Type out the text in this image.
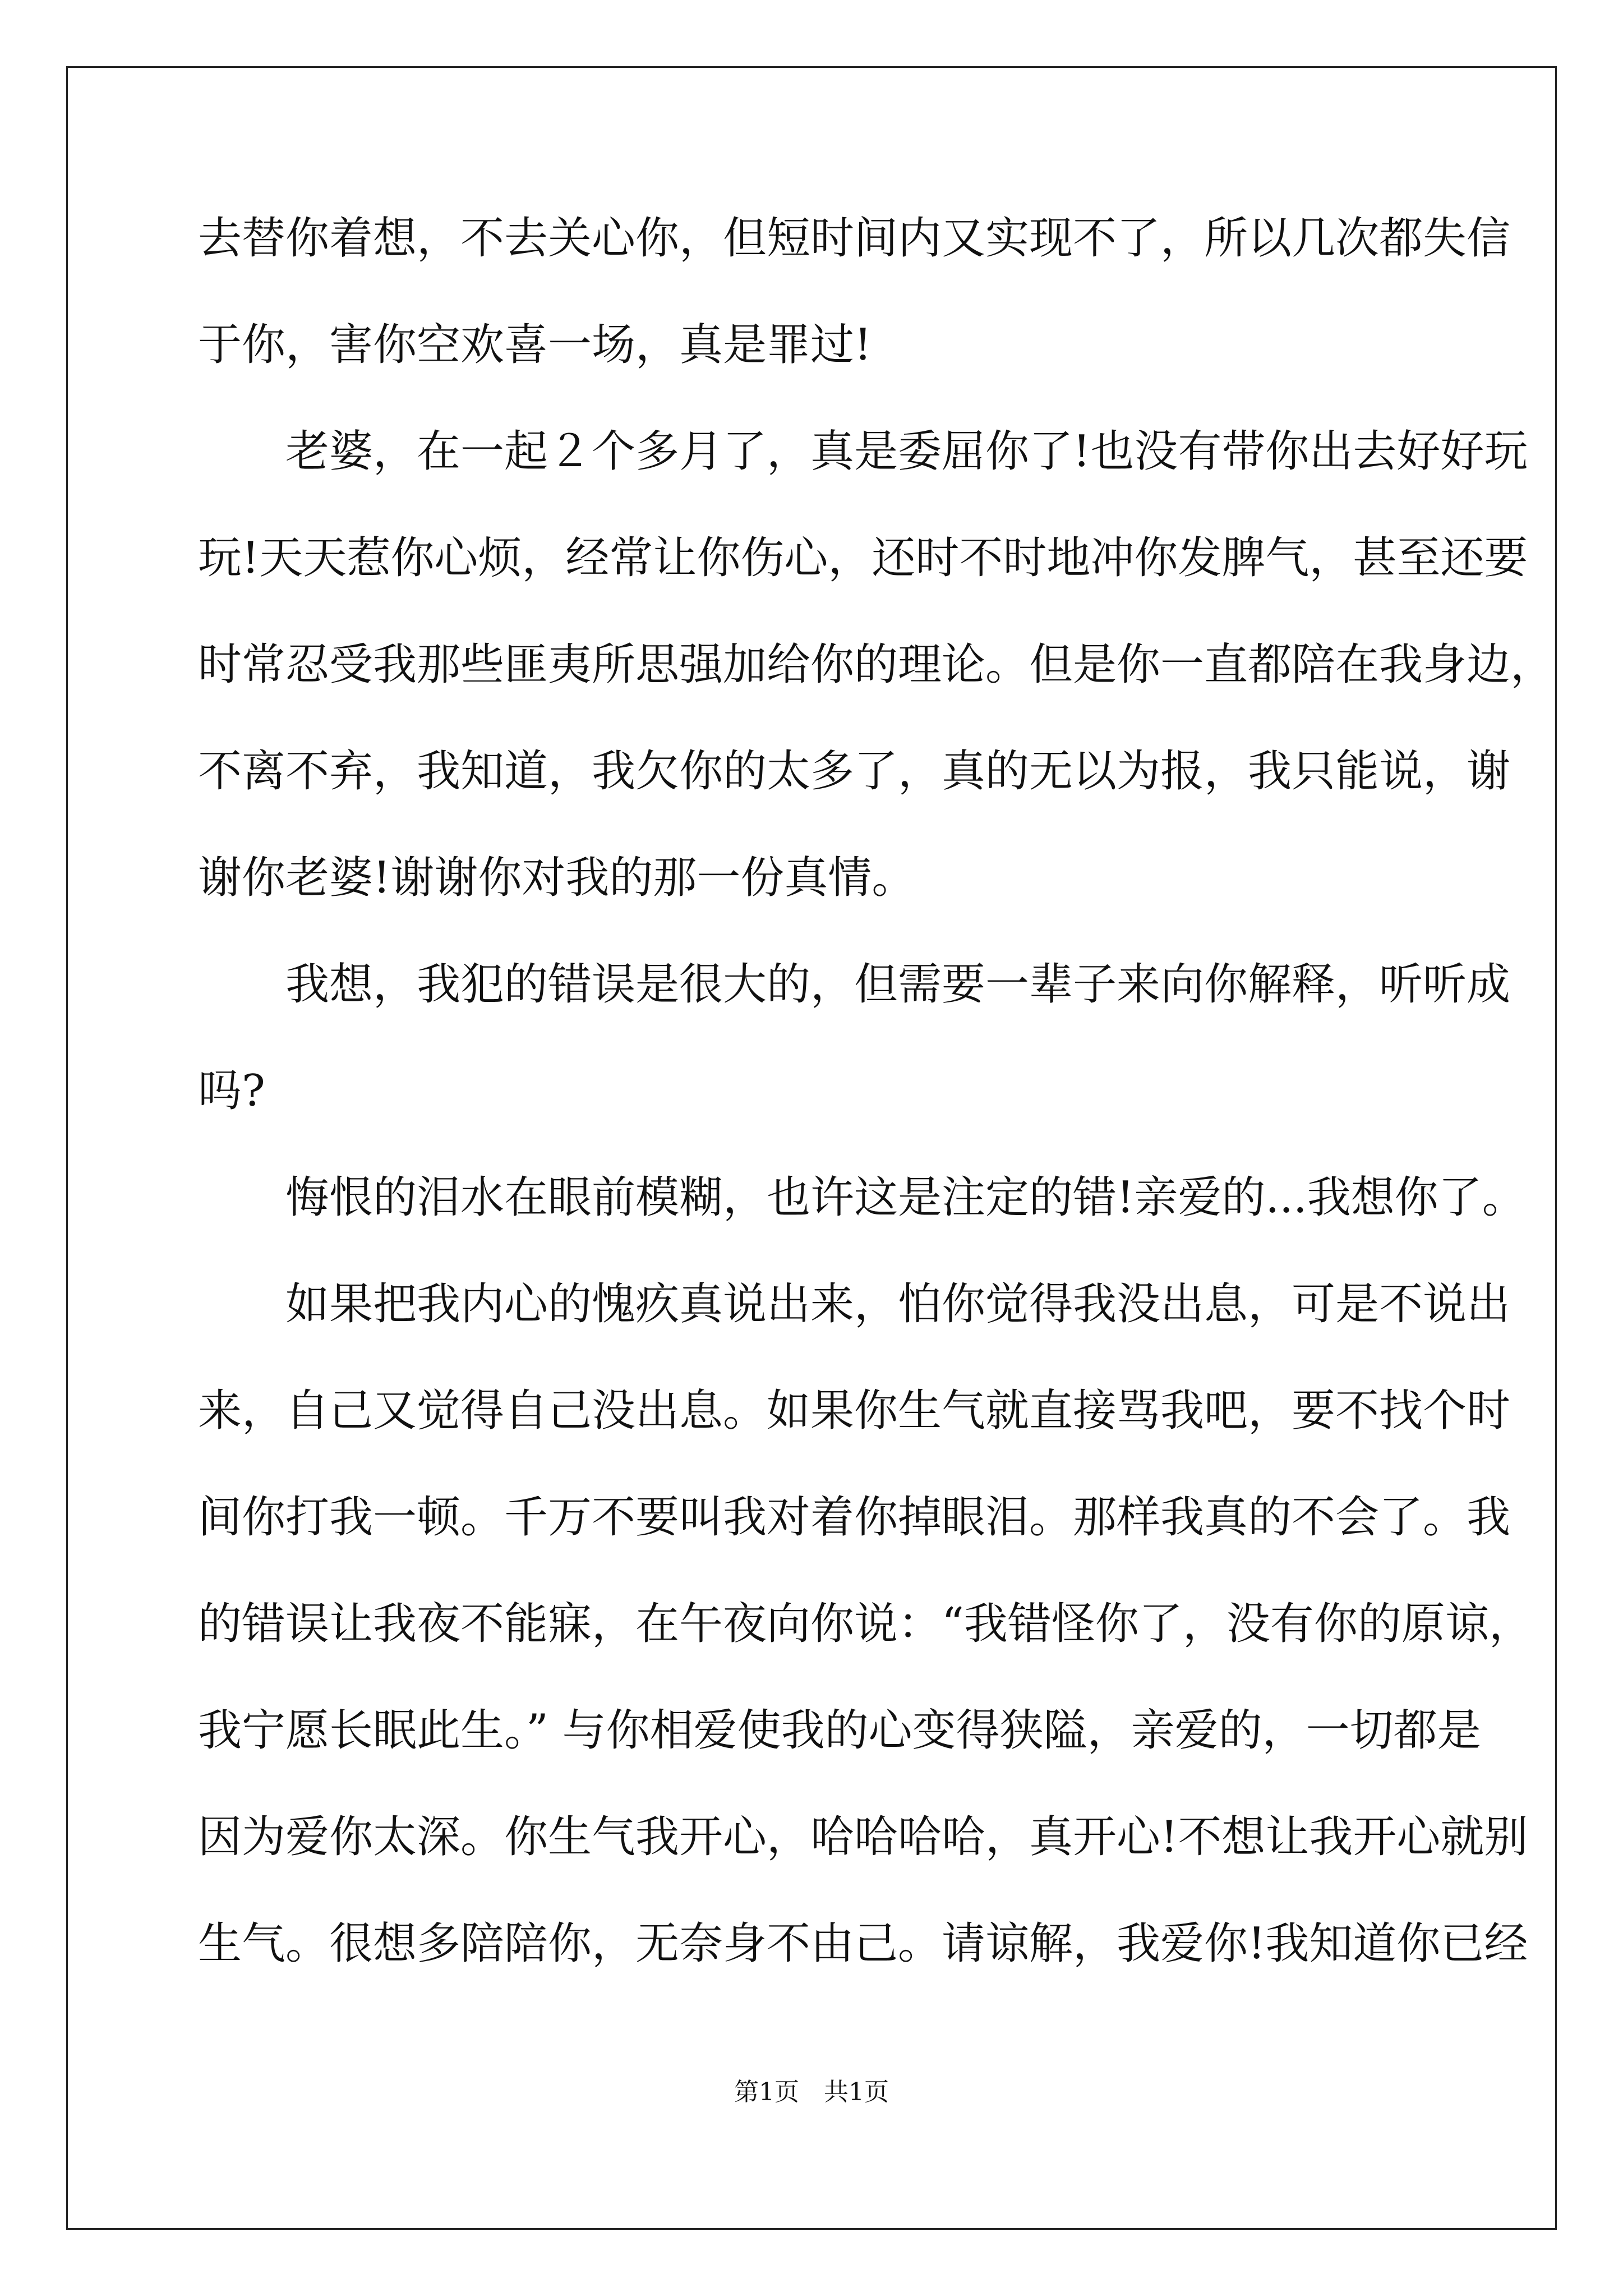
去替你着想，不去关心你，但短时间内又实现不了，所以几次都失信
于你，害你空欢喜一场，真是罪过!
　　老婆，在一起２个多月了，真是委屈你了!也没有带你出去好好玩
玩!天天惹你心烦，经常让你伤心，还时不时地冲你发脾气，甚至还要
时常忍受我那些匪夷所思强加给你的理论。但是你一直都陪在我身边，
不离不弃，我知道，我欠你的太多了，真的无以为报，我只能说，谢
谢你老婆!谢谢你对我的那一份真情。
　　我想，我犯的错误是很大的，但需要一辈子来向你解释，听听成
吗?
　　悔恨的泪水在眼前模糊，也许这是注定的错!亲爱的...我想你了。
　　如果把我内心的愧疚真说出来，怕你觉得我没出息，可是不说出
来，自己又觉得自己没出息。如果你生气就直接骂我吧，要不找个时
间你打我一顿。千万不要叫我对着你掉眼泪。那样我真的不会了。我
的错误让我夜不能寐，在午夜向你说：“我错怪你了，没有你的原谅，
我宁愿长眠此生。” 与你相爱使我的心变得狭隘，亲爱的，一切都是
因为爱你太深。你生气我开心，哈哈哈哈，真开心!不想让我开心就别
生气。很想多陪陪你，无奈身不由己。请谅解，我爱你!我知道你已经
第1页　共1页
